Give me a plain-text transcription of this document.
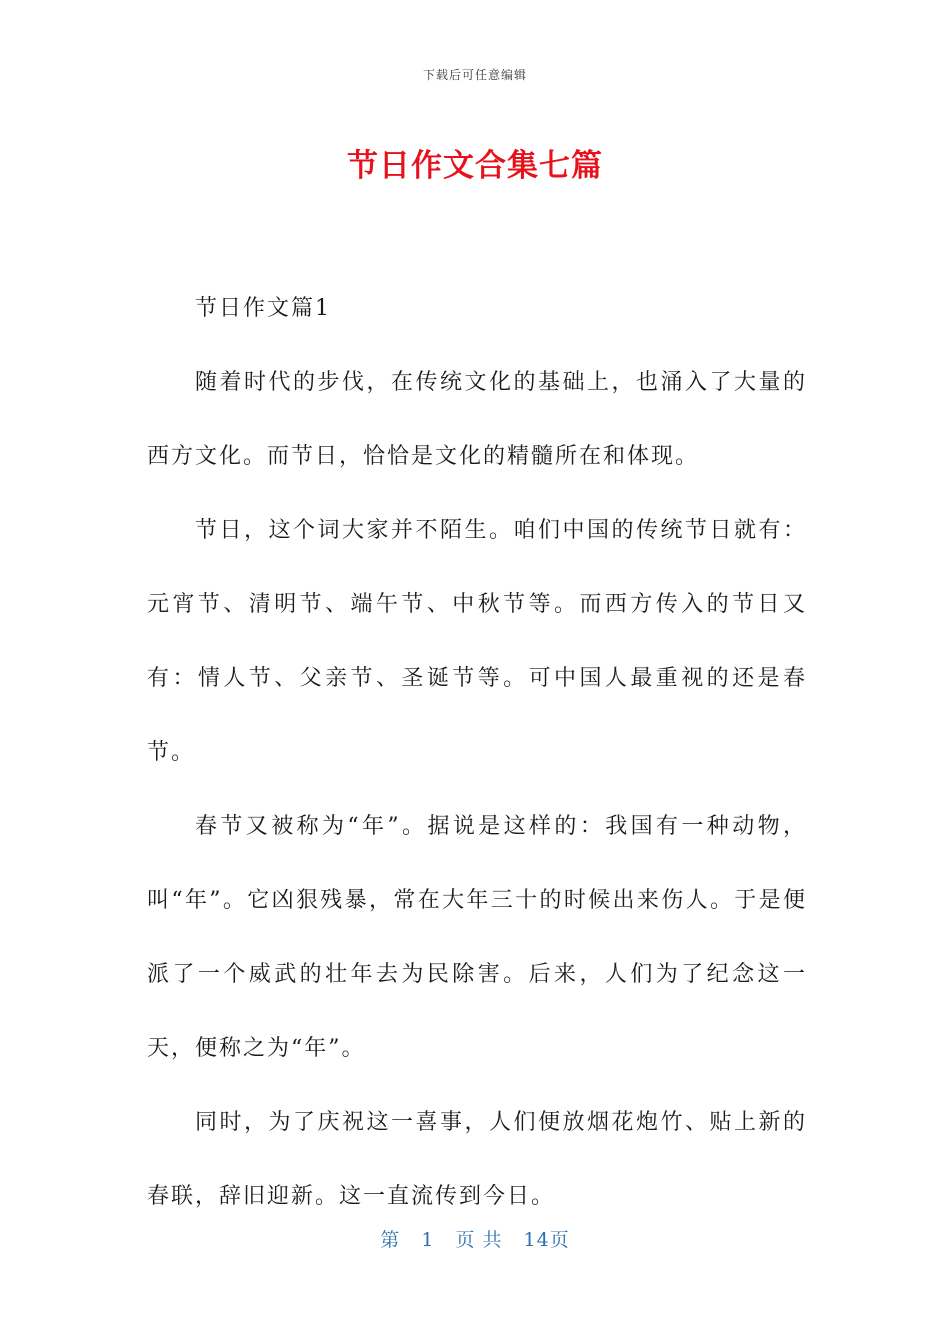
下载后可任意编辑
节日作文合集七篇

节日作文篇1

随着时代的步伐，在传统文化的基础上，也涌入了大量的西方文化。而节日，恰恰是文化的精髓所在和体现。

节日，这个词大家并不陌生。咱们中国的传统节日就有：元宵节、清明节、端午节、中秋节等。而西方传入的节日又有：情人节、父亲节、圣诞节等。可中国人最重视的还是春节。

春节又被称为“年”。据说是这样的：我国有一种动物，叫“年”。它凶狠残暴，常在大年三十的时候出来伤人。于是便派了一个威武的壮年去为民除害。后来，人们为了纪念这一天，便称之为“年”。

同时，为了庆祝这一喜事，人们便放烟花炮竹、贴上新的春联，辞旧迎新。这一直流传到今日。

第 1 页 共 14页
